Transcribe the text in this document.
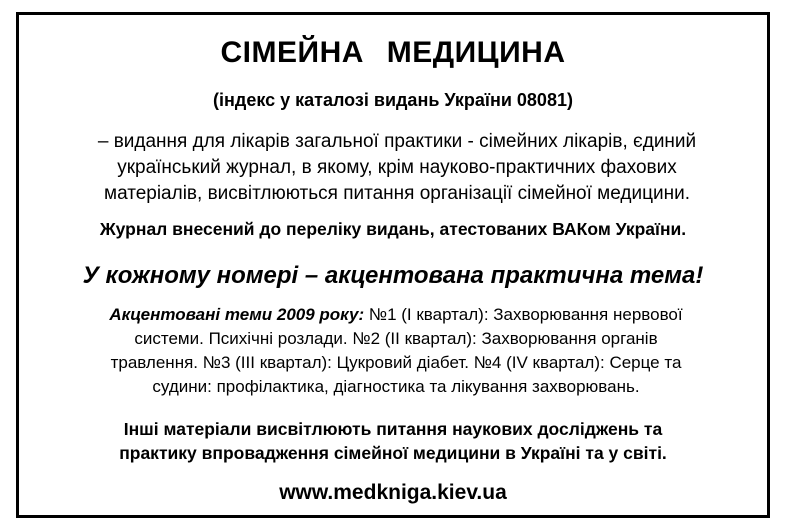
СІМЕЙНА МЕДИЦИНА
(індекс у каталозі видань України 08081)
– видання для лікарів загальної практики - сімейних лікарів, єдиний
український журнал, в якому, крім науково-практичних фахових
матеріалів, висвітлюються питання організації сімейної медицини.
Журнал внесений до переліку видань, атестованих ВАКом України.
У кожному номері – акцентована практична тема!
Акцентовані теми 2009 року: №1 (І квартал): Захворювання нервової
системи. Психічні розлади. №2 (ІІ квартал): Захворювання органів
травлення. №3 (ІІІ квартал): Цукровий діабет. №4 (IV квартал): Серце та
судини: профілактика, діагностика та лікування захворювань.
Інші матеріали висвітлюють питання наукових досліджень та
практику впровадження сімейної медицини в Україні та у світі.
www.medkniga.kiev.ua
